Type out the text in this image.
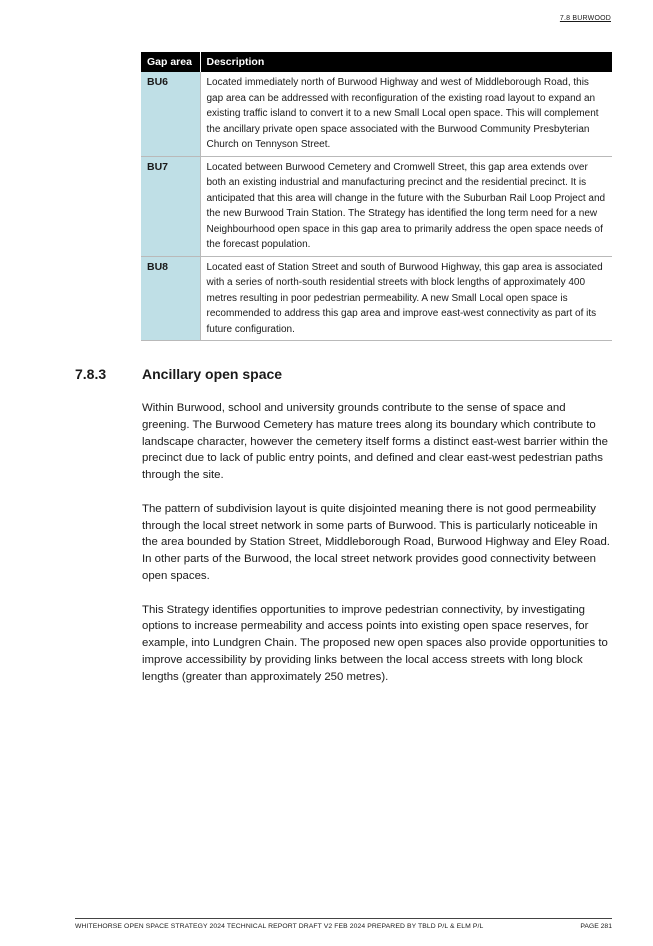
7.8 BURWOOD
Gap area	Description
BU6	Located immediately north of Burwood Highway and west of Middleborough Road, this gap area can be addressed with reconfiguration of the existing road layout to expand an existing traffic island to convert it to a new Small Local open space. This will complement the ancillary private open space associated with the Burwood Community Presbyterian Church on Tennyson Street.
BU7	Located between Burwood Cemetery and Cromwell Street, this gap area extends over both an existing industrial and manufacturing precinct and the residential precinct. It is anticipated that this area will change in the future with the Suburban Rail Loop Project and the new Burwood Train Station. The Strategy has identified the long term need for a new Neighbourhood open space in this gap area to primarily address the open space needs of the forecast population.
BU8	Located east of Station Street and south of Burwood Highway, this gap area is associated with a series of north-south residential streets with block lengths of approximately 400 metres resulting in poor pedestrian permeability. A new Small Local open space is recommended to address this gap area and improve east-west connectivity as part of its future configuration.
7.8.3	Ancillary open space

Within Burwood, school and university grounds contribute to the sense of space and greening. The Burwood Cemetery has mature trees along its boundary which contribute to landscape character, however the cemetery itself forms a distinct east-west barrier within the precinct due to lack of public entry points, and defined and clear east-west pedestrian paths through the site.

The pattern of subdivision layout is quite disjointed meaning there is not good permeability through the local street network in some parts of Burwood. This is particularly noticeable in the area bounded by Station Street, Middleborough Road, Burwood Highway and Eley Road. In other parts of the Burwood, the local street network provides good connectivity between open spaces.

This Strategy identifies opportunities to improve pedestrian connectivity, by investigating options to increase permeability and access points into existing open space reserves, for example, into Lundgren Chain. The proposed new open spaces also provide opportunities to improve accessibility by providing links between the local access streets with long block lengths (greater than approximately 250 metres).

WHITEHORSE OPEN SPACE STRATEGY 2024 TECHNICAL REPORT DRAFT V2 FEB 2024 PREPARED BY TBLD P/L & ELM P/L	PAGE 281
